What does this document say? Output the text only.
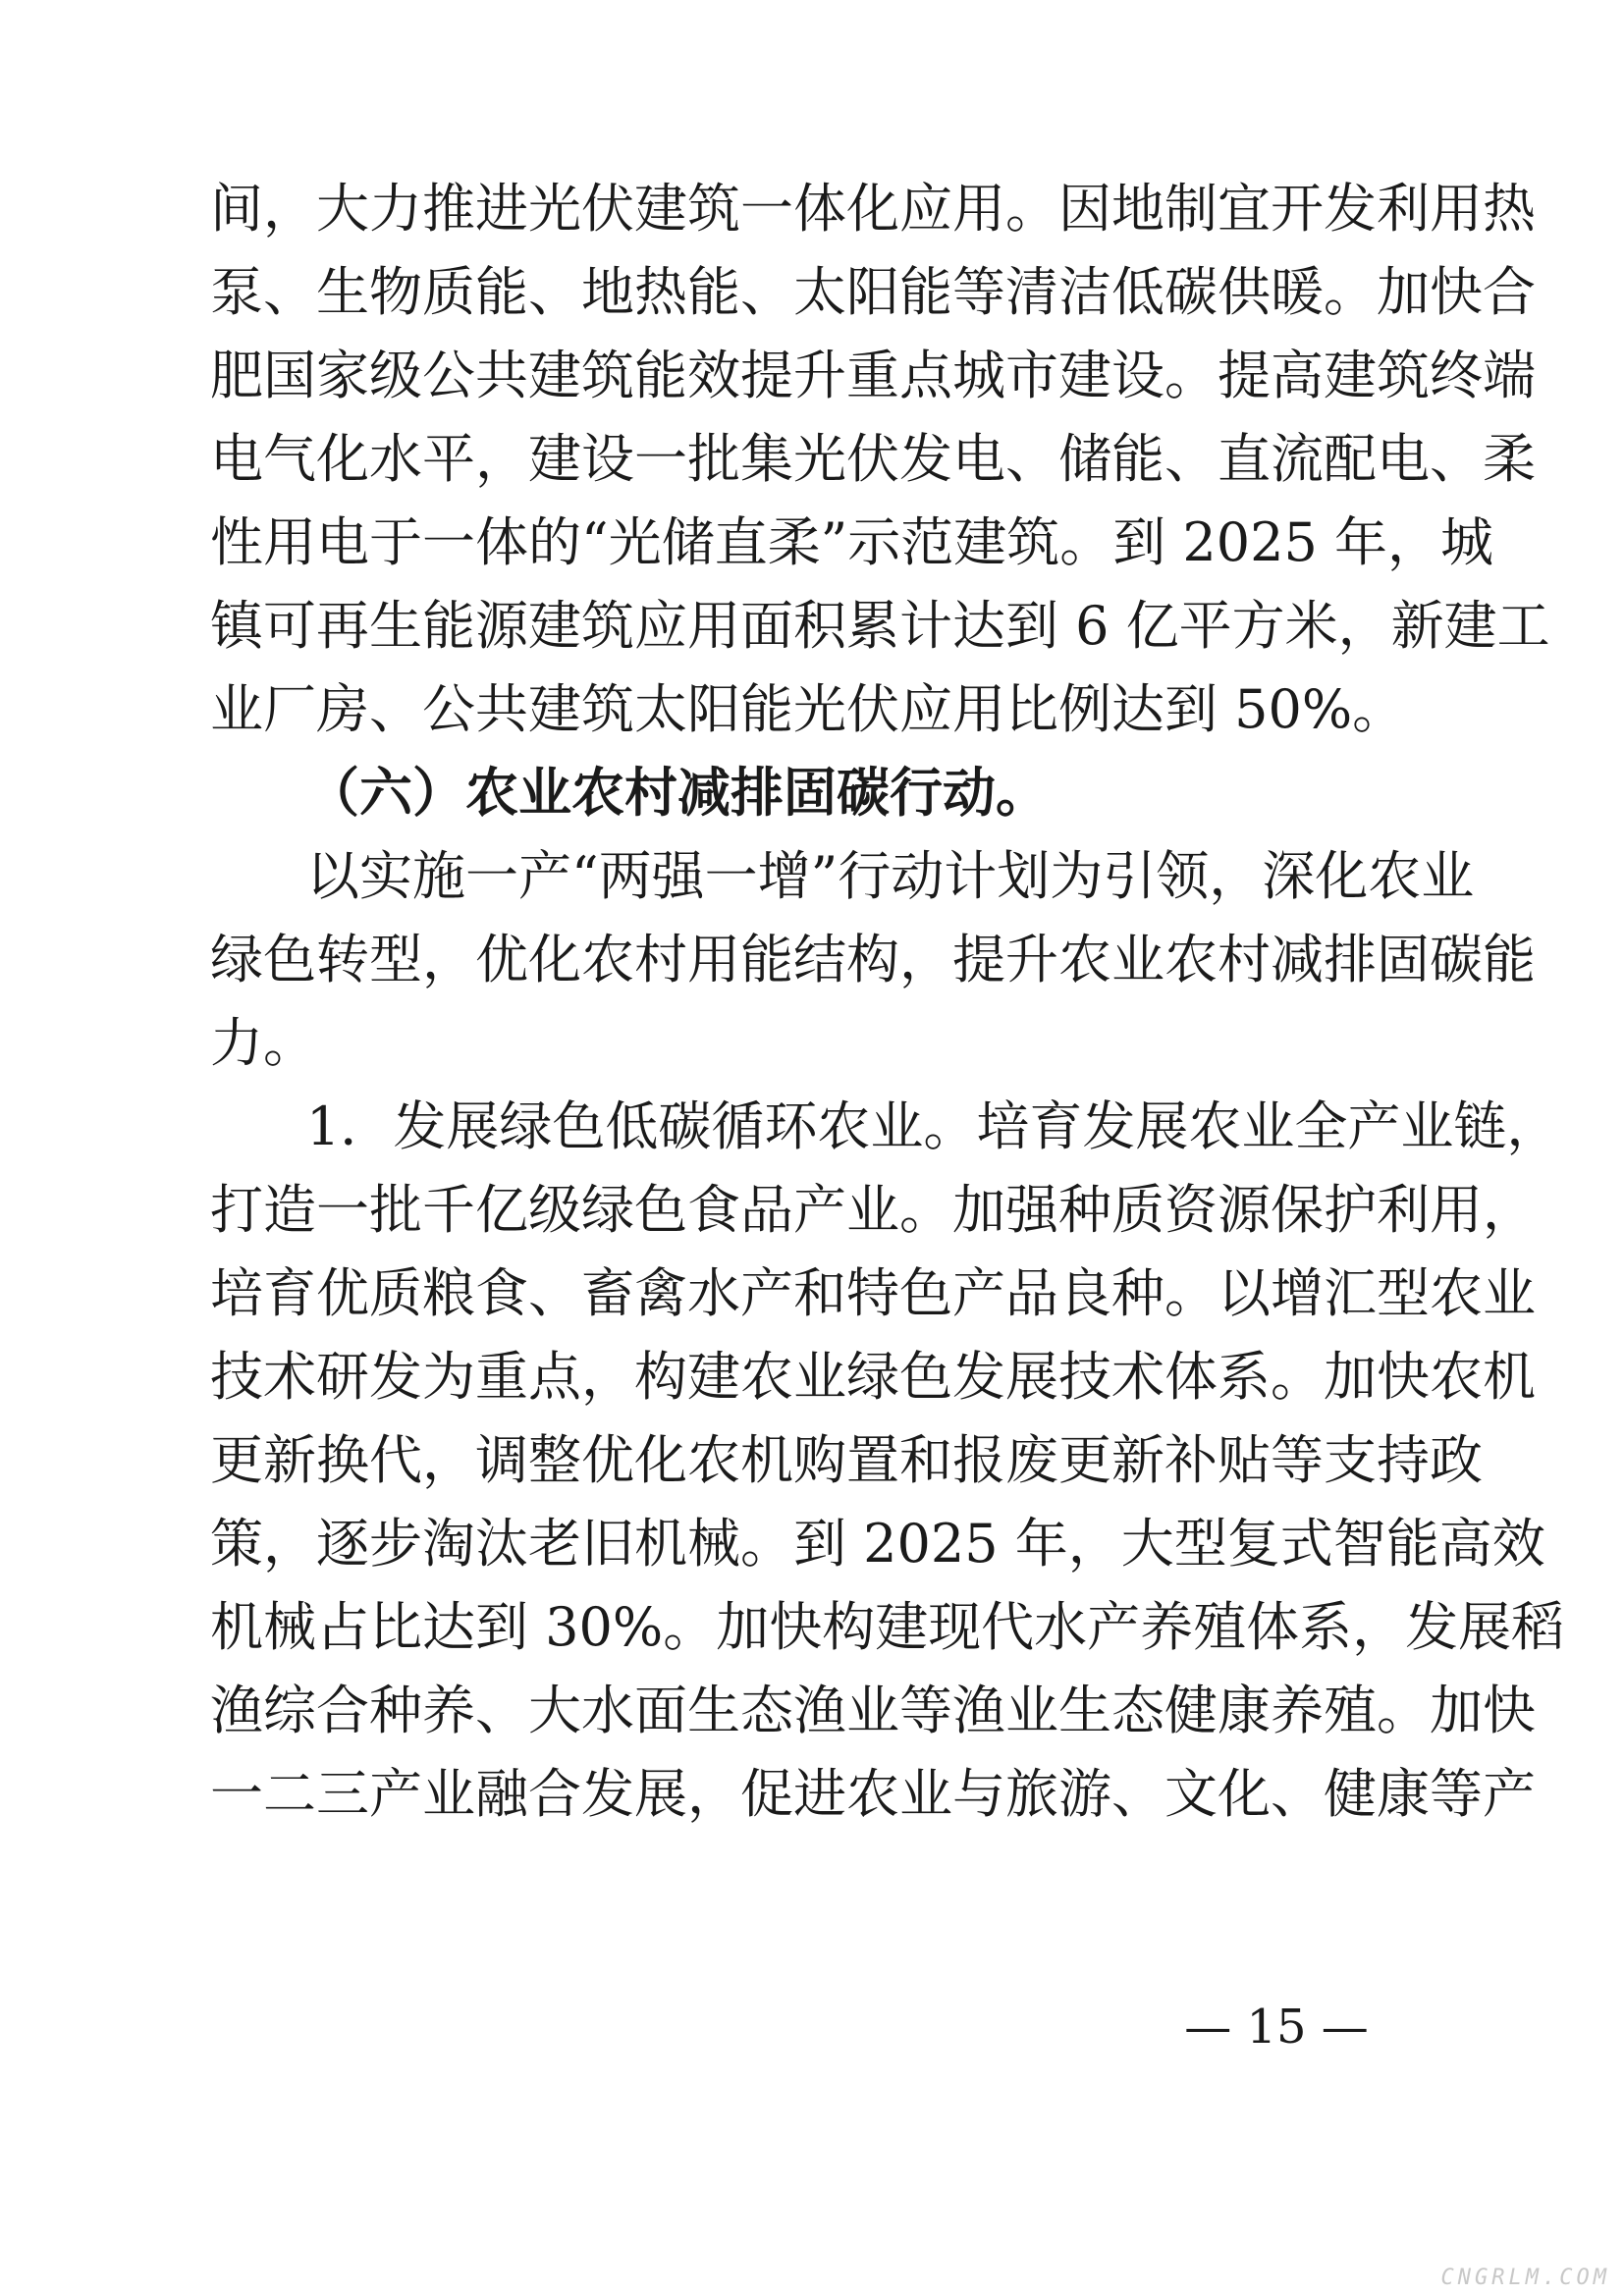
间，大力推进光伏建筑一体化应用。因地制宜开发利用热
泵、生物质能、地热能、太阳能等清洁低碳供暖。加快合
肥国家级公共建筑能效提升重点城市建设。提高建筑终端
电气化水平，建设一批集光伏发电、储能、直流配电、柔
性用电于一体的“光储直柔”示范建筑。到 2025 年，城
镇可再生能源建筑应用面积累计达到 6 亿平方米，新建工
业厂房、公共建筑太阳能光伏应用比例达到 50%。
（六）农业农村减排固碳行动。
以实施一产“两强一增”行动计划为引领，深化农业
绿色转型，优化农村用能结构，提升农业农村减排固碳能
力。
1．发展绿色低碳循环农业。培育发展农业全产业链，
打造一批千亿级绿色食品产业。加强种质资源保护利用，
培育优质粮食、畜禽水产和特色产品良种。以增汇型农业
技术研发为重点，构建农业绿色发展技术体系。加快农机
更新换代，调整优化农机购置和报废更新补贴等支持政
策，逐步淘汰老旧机械。到 2025 年，大型复式智能高效
机械占比达到 30%。加快构建现代水产养殖体系，发展稻
渔综合种养、大水面生态渔业等渔业生态健康养殖。加快
一二三产业融合发展，促进农业与旅游、文化、健康等产
— 15 —
CNGRLM.COM
